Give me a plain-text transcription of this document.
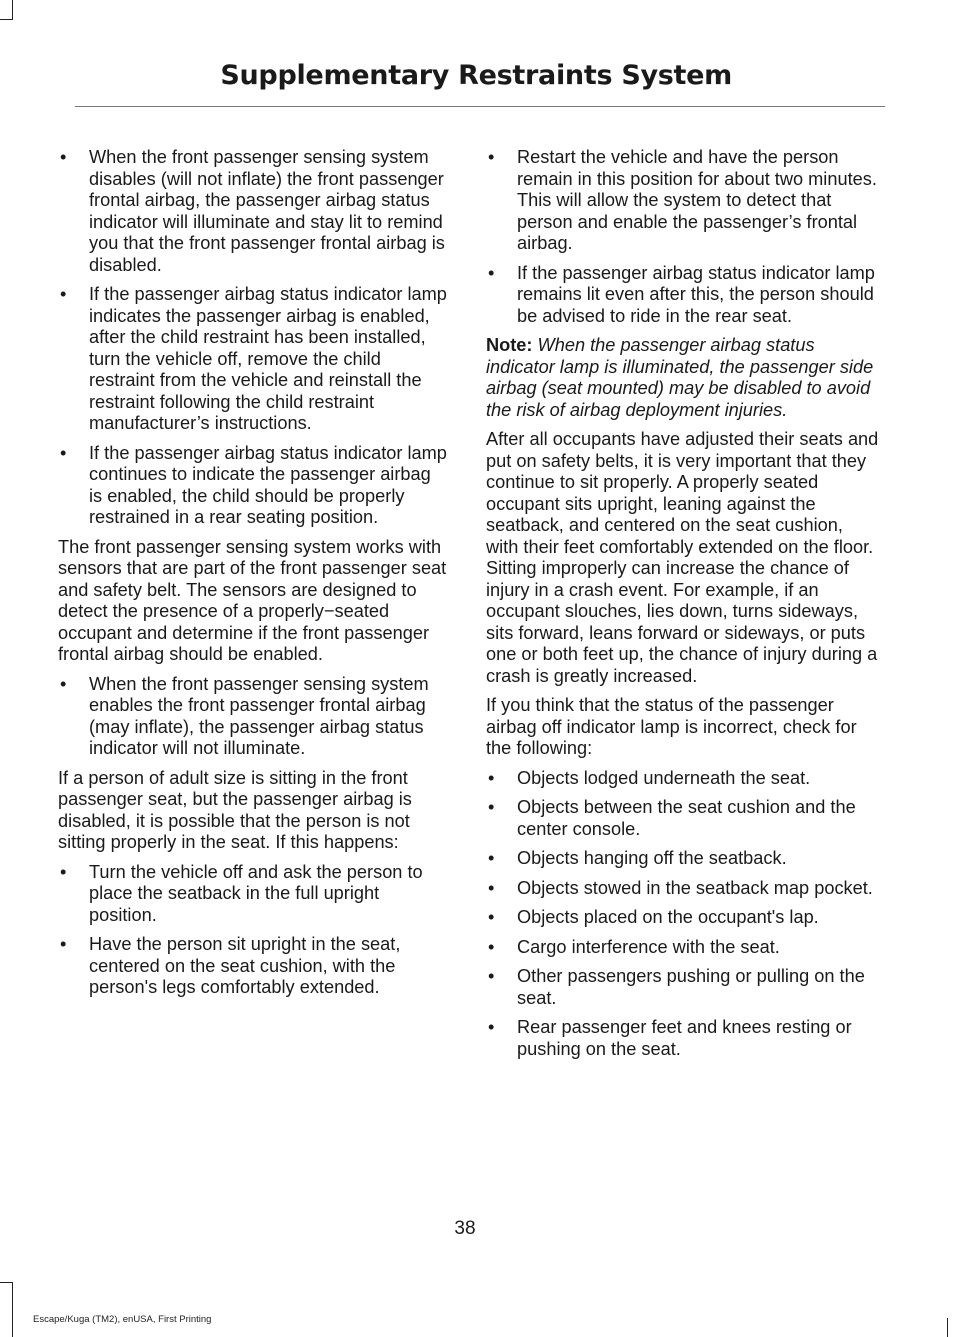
Supplementary Restraints System
• When the front passenger sensing system disables (will not inflate) the front passenger frontal airbag, the passenger airbag status indicator will illuminate and stay lit to remind you that the front passenger frontal airbag is disabled.
• If the passenger airbag status indicator lamp indicates the passenger airbag is enabled, after the child restraint has been installed, turn the vehicle off, remove the child restraint from the vehicle and reinstall the restraint following the child restraint manufacturer’s instructions.
• If the passenger airbag status indicator lamp continues to indicate the passenger airbag is enabled, the child should be properly restrained in a rear seating position.

The front passenger sensing system works with sensors that are part of the front passenger seat and safety belt. The sensors are designed to detect the presence of a properly−seated occupant and determine if the front passenger frontal airbag should be enabled.

• When the front passenger sensing system enables the front passenger frontal airbag (may inflate), the passenger airbag status indicator will not illuminate.

If a person of adult size is sitting in the front passenger seat, but the passenger airbag is disabled, it is possible that the person is not sitting properly in the seat. If this happens:

• Turn the vehicle off and ask the person to place the seatback in the full upright position.
• Have the person sit upright in the seat, centered on the seat cushion, with the person's legs comfortably extended.
• Restart the vehicle and have the person remain in this position for about two minutes. This will allow the system to detect that person and enable the passenger’s frontal airbag.
• If the passenger airbag status indicator lamp remains lit even after this, the person should be advised to ride in the rear seat.

Note: When the passenger airbag status indicator lamp is illuminated, the passenger side airbag (seat mounted) may be disabled to avoid the risk of airbag deployment injuries.

After all occupants have adjusted their seats and put on safety belts, it is very important that they continue to sit properly. A properly seated occupant sits upright, leaning against the seatback, and centered on the seat cushion, with their feet comfortably extended on the floor. Sitting improperly can increase the chance of injury in a crash event. For example, if an occupant slouches, lies down, turns sideways, sits forward, leans forward or sideways, or puts one or both feet up, the chance of injury during a crash is greatly increased.

If you think that the status of the passenger airbag off indicator lamp is incorrect, check for the following:

• Objects lodged underneath the seat.
• Objects between the seat cushion and the center console.
• Objects hanging off the seatback.
• Objects stowed in the seatback map pocket.
• Objects placed on the occupant's lap.
• Cargo interference with the seat.
• Other passengers pushing or pulling on the seat.
• Rear passenger feet and knees resting or pushing on the seat.
38
Escape/Kuga (TM2), enUSA, First Printing
